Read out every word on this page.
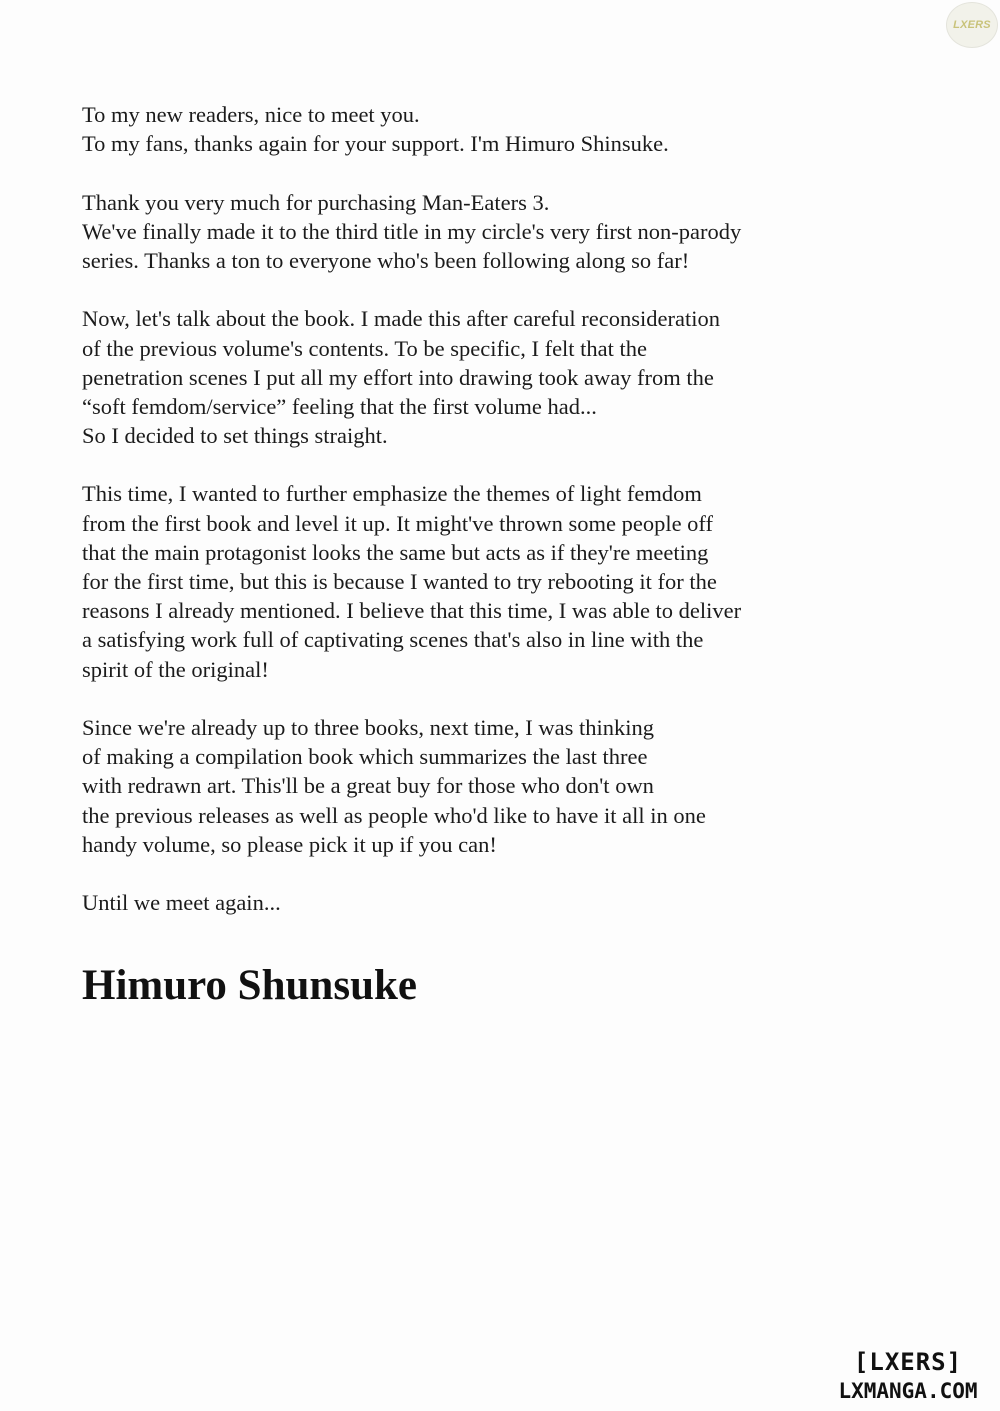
LXERS
To my new readers, nice to meet you.
To my fans, thanks again for your support. I'm Himuro Shinsuke.
Thank you very much for purchasing Man-Eaters 3.
We've finally made it to the third title in my circle's very first non-parody
series. Thanks a ton to everyone who's been following along so far!
Now, let's talk about the book. I made this after careful reconsideration
of the previous volume's contents. To be specific, I felt that the
penetration scenes I put all my effort into drawing took away from the
“soft femdom/service” feeling that the first volume had...
So I decided to set things straight.
This time, I wanted to further emphasize the themes of light femdom
from the first book and level it up. It might've thrown some people off
that the main protagonist looks the same but acts as if they're meeting
for the first time, but this is because I wanted to try rebooting it for the
reasons I already mentioned. I believe that this time, I was able to deliver
a satisfying work full of captivating scenes that's also in line with the
spirit of the original!
Since we're already up to three books, next time, I was thinking
of making a compilation book which summarizes the last three
with redrawn art. This'll be a great buy for those who don't own
the previous releases as well as people who'd like to have it all in one
handy volume, so please pick it up if you can!
Until we meet again...
Himuro Shunsuke
[LXERS]
LXMANGA.COM
